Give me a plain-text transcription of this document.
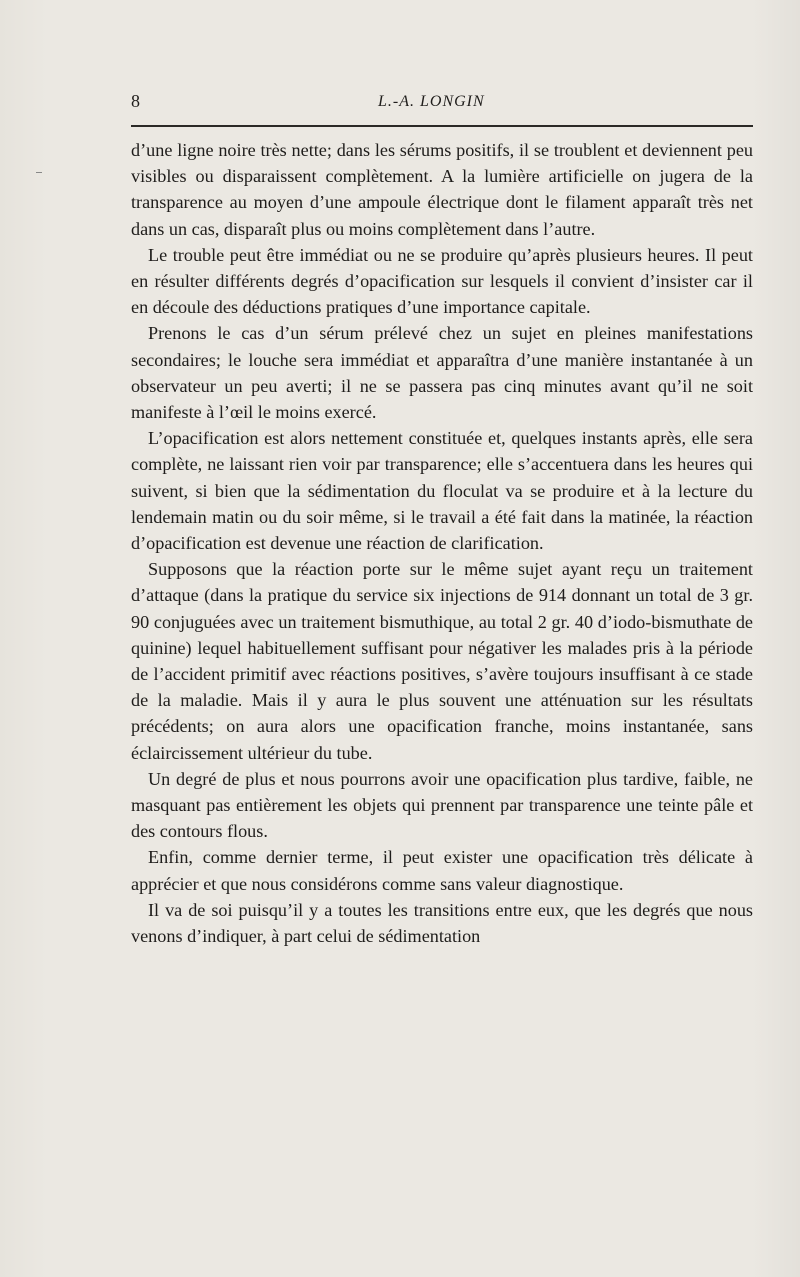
8	L.-A. LONGIN

d’une ligne noire très nette; dans les sérums positifs, il se troublent et deviennent peu visibles ou disparaissent complètement. A la lumière artificielle on jugera de la transparence au moyen d’une ampoule électrique dont le filament apparaît très net dans un cas, disparaît plus ou moins complètement dans l’autre.

Le trouble peut être immédiat ou ne se produire qu’après plusieurs heures. Il peut en résulter différents degrés d’opacification sur lesquels il convient d’insister car il en découle des déductions pratiques d’une importance capitale.

Prenons le cas d’un sérum prélevé chez un sujet en pleines manifestations secondaires; le louche sera immédiat et apparaîtra d’une manière instantanée à un observateur un peu averti; il ne se passera pas cinq minutes avant qu’il ne soit manifeste à l’œil le moins exercé.

L’opacification est alors nettement constituée et, quelques instants après, elle sera complète, ne laissant rien voir par transparence; elle s’accentuera dans les heures qui suivent, si bien que la sédimentation du floculat va se produire et à la lecture du lendemain matin ou du soir même, si le travail a été fait dans la matinée, la réaction d’opacification est devenue une réaction de clarification.

Supposons que la réaction porte sur le même sujet ayant reçu un traitement d’attaque (dans la pratique du service six injections de 914 donnant un total de 3 gr. 90 conjuguées avec un traitement bismuthique, au total 2 gr. 40 d’iodo-bismuthate de quinine) lequel habituellement suffisant pour négativer les malades pris à la période de l’accident primitif avec réactions positives, s’avère toujours insuffisant à ce stade de la maladie. Mais il y aura le plus souvent une atténuation sur les résultats précédents; on aura alors une opacification franche, moins instantanée, sans éclaircissement ultérieur du tube.

Un degré de plus et nous pourrons avoir une opacification plus tardive, faible, ne masquant pas entièrement les objets qui prennent par transparence une teinte pâle et des contours flous.

Enfin, comme dernier terme, il peut exister une opacification très délicate à apprécier et que nous considérons comme sans valeur diagnostique.

Il va de soi puisqu’il y a toutes les transitions entre eux, que les degrés que nous venons d’indiquer, à part celui de sédimentation
